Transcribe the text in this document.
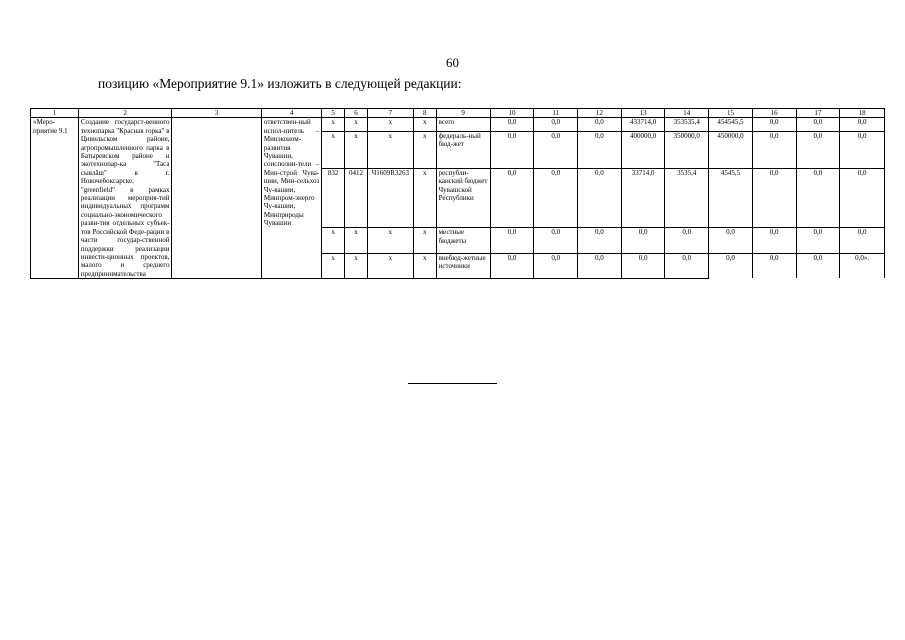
60
позицию «Мероприятие 9.1» изложить в следующей редакции:
1	2	3	4	5	6	7	8	9	10	11	12	13	14	15	16	17	18
«Меро-приятие 9.1	Создание государст-венного технопарка "Красная горка" в Цивильском районе, агропромышленного парка в Батыревском районе и экотехнопар-ка "Таса сывлăш" в г. Новочебоксарске, "greenfield" в рамках реализации мероприя-тий индивидуальных программ социально-экономического разви-тия отдельных субъек-тов Российской Феде-рации в части государ-ственной поддержки реализации инвести-ционных проектов, малого и среднего предпринимательства		ответствен-ный испол-нитель – Минэконом-развития Чувашии, соисполни-тели – Мин-строй Чува-шии, Мин-сельхоз Чу-вашии, Минпром-энерго Чу-вашии, Минприроды Чувашии	x	x	x	x	всего	0,0	0,0	0,0	433714,0	353535,4	454545,5	0,0	0,0	0,0
				x	x	x	x	федераль-ный бюд-жет	0,0	0,0	0,0	400000,0	350000,0	450000,0	0,0	0,0	0,0
				832	0412	Ч1609R3263	x	республи-канский бюджет Чувашской Республики	0,0	0,0	0,0	33714,0	3535,4	4545,5	0,0	0,0	0,0
				x	x	x	x	местные бюджеты	0,0	0,0	0,0	0,0	0,0	0,0	0,0	0,0	0,0
				x	x	x	x	внебюд-жетные источники	0,0	0,0	0,0	0,0	0,0	0,0	0,0	0,0	0,0».
